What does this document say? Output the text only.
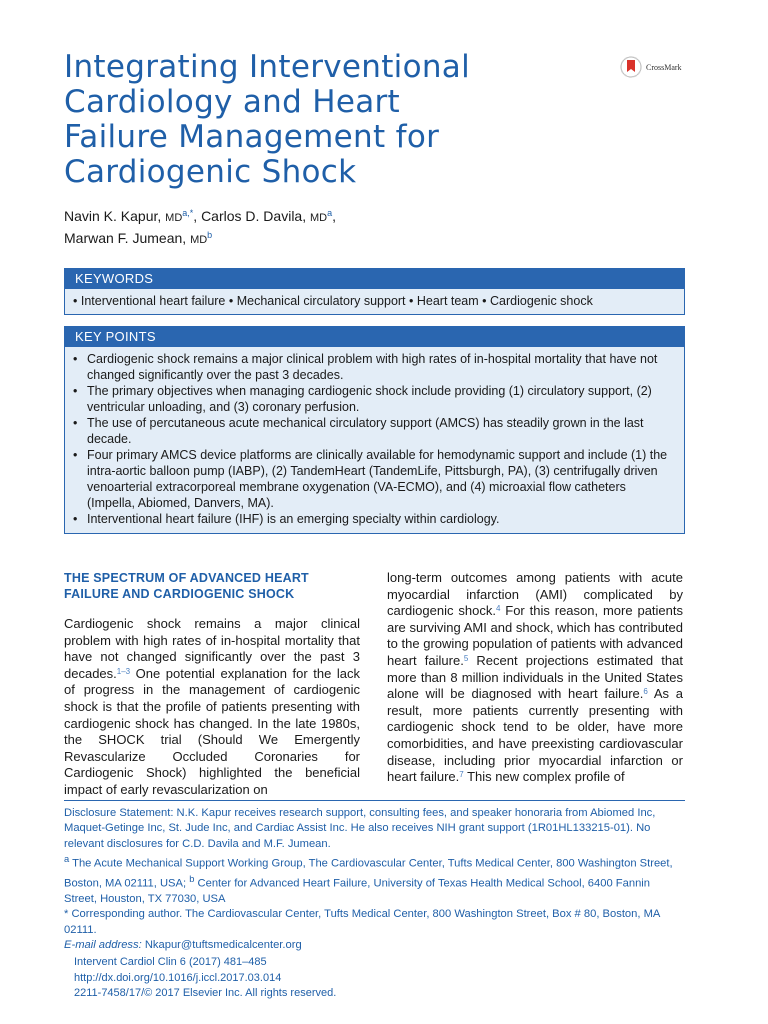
Integrating Interventional
Cardiology and Heart
Failure Management for
Cardiogenic Shock
CrossMark
Navin K. Kapur, $MD^{a,*}$, Carlos D. Davila, $MD^a$,
Marwan F. Jumean, $MD^b$
KEYWORDS
• Interventional heart failure • Mechanical circulatory support • Heart team • Cardiogenic shock
KEY POINTS
• Cardiogenic shock remains a major clinical problem with high rates of in-hospital mortality that have not changed significantly over the past 3 decades.
• The primary objectives when managing cardiogenic shock include providing (1) circulatory support, (2) ventricular unloading, and (3) coronary perfusion.
• The use of percutaneous acute mechanical circulatory support (AMCS) has steadily grown in the last decade.
• Four primary AMCS device platforms are clinically available for hemodynamic support and include (1) the intra-aortic balloon pump (IABP), (2) TandemHeart (TandemLife, Pittsburgh, PA), (3) centrifugally driven venoarterial extracorporeal membrane oxygenation (VA-ECMO), and (4) microaxial flow catheters (Impella, Abiomed, Danvers, MA).
• Interventional heart failure (IHF) is an emerging specialty within cardiology.
THE SPECTRUM OF ADVANCED HEART
FAILURE AND CARDIOGENIC SHOCK

Cardiogenic shock remains a major clinical problem with high rates of in-hospital mortality that have not changed significantly over the past 3 decades.$^{1-3}$ One potential explanation for the lack of progress in the management of cardiogenic shock is that the profile of patients presenting with cardiogenic shock has changed. In the late 1980s, the SHOCK trial (Should We Emergently Revascularize Occluded Coronaries for Cardiogenic Shock) highlighted the beneficial impact of early revascularization on

long-term outcomes among patients with acute myocardial infarction (AMI) complicated by cardiogenic shock.$^4$ For this reason, more patients are surviving AMI and shock, which has contributed to the growing population of patients with advanced heart failure.$^5$ Recent projections estimated that more than 8 million individuals in the United States alone will be diagnosed with heart failure.$^6$ As a result, more patients currently presenting with cardiogenic shock tend to be older, have more comorbidities, and have preexisting cardiovascular disease, including prior myocardial infarction or heart failure.$^7$ This new complex profile of

Disclosure Statement: N.K. Kapur receives research support, consulting fees, and speaker honoraria from Abiomed Inc, Maquet-Getinge Inc, St. Jude Inc, and Cardiac Assist Inc. He also receives NIH grant support (1R01HL133215-01). No relevant disclosures for C.D. Davila and M.F. Jumean.

$^a$ The Acute Mechanical Support Working Group, The Cardiovascular Center, Tufts Medical Center, 800 Washington Street, Boston, MA 02111, USA; $^b$ Center for Advanced Heart Failure, University of Texas Health Medical School, 6400 Fannin Street, Houston, TX 77030, USA

* Corresponding author. The Cardiovascular Center, Tufts Medical Center, 800 Washington Street, Box # 80, Boston, MA 02111.

E-mail address: Nkapur@tuftsmedicalcenter.org

Intervent Cardiol Clin 6 (2017) 481–485
http://dx.doi.org/10.1016/j.iccl.2017.03.014
2211-7458/17/© 2017 Elsevier Inc. All rights reserved.
